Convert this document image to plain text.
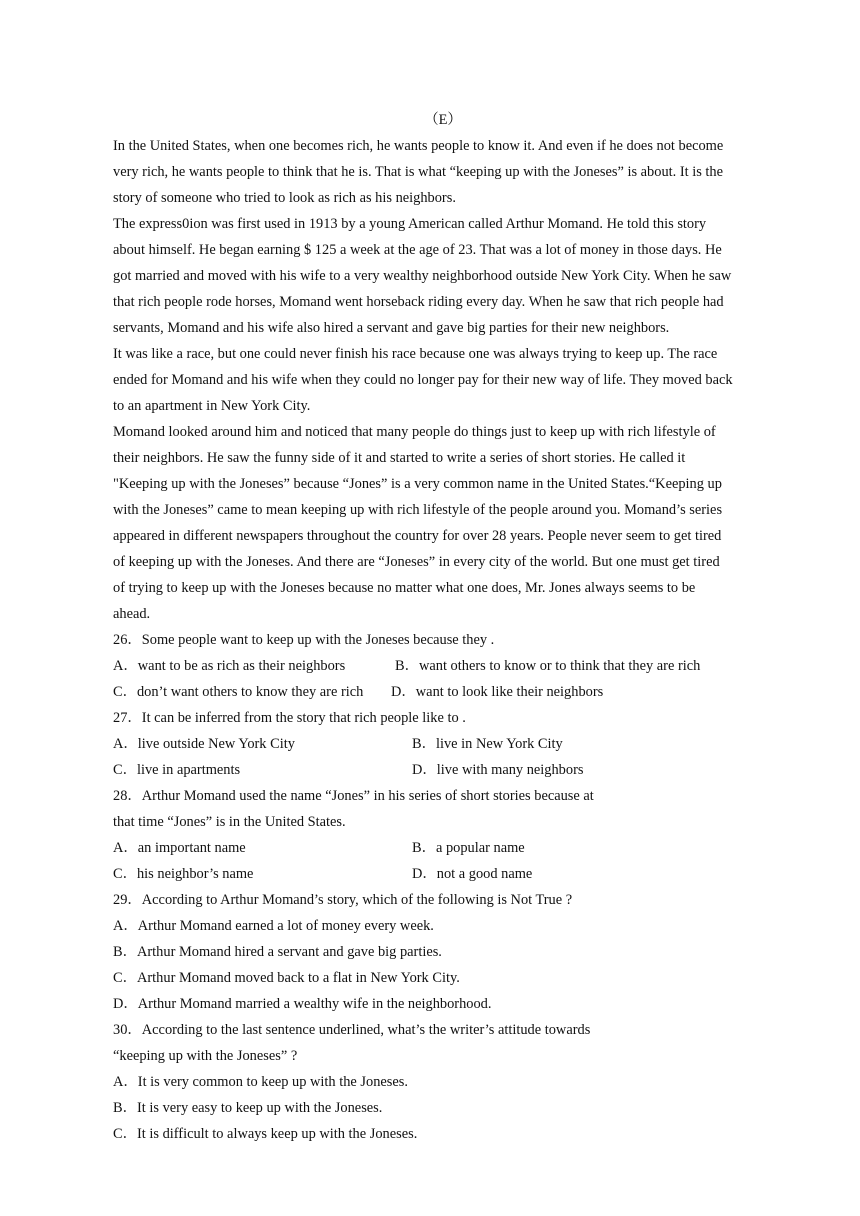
（E）
In the United States, when one becomes rich, he wants people to know it. And even if he does not become
very rich, he wants people to think that he is. That is what “keeping up with the Joneses” is about. It is the
story of someone who tried to look as rich as his neighbors.
The express0ion was first used in 1913 by a young American called Arthur Momand. He told this story
about himself. He began earning $ 125 a week at the age of 23. That was a lot of money in those days. He
got married and moved with his wife to a very wealthy neighborhood outside New York City. When he saw
that rich people rode horses, Momand went horseback riding every day. When he saw that rich people had
servants, Momand and his wife also hired a servant and gave big parties for their new neighbors.
It was like a race, but one could never finish his race because one was always trying to keep up. The race
ended for Momand and his wife when they could no longer pay for their new way of life. They moved back
to an apartment in New York City.
Momand looked around him and noticed that many people do things just to keep up with rich lifestyle of
their neighbors. He saw the funny side of it and started to write a series of short stories. He called it
"Keeping up with the Joneses” because “Jones” is a very common name in the United States.“Keeping up
with the Joneses” came to mean keeping up with rich lifestyle of the people around you. Momand’s series
appeared in different newspapers throughout the country for over 28 years. People never seem to get tired
of keeping up with the Joneses. And there are “Joneses” in every city of the world. But one must get tired
of trying to keep up with the Joneses because no matter what one does, Mr. Jones always seems to be
ahead.
26．Some people want to keep up with the Joneses because they .
A．want to be as rich as their neighbors	B．want others to know or to think that they are rich
C．don’t want others to know they are rich D．want to look like their neighbors
27．It can be inferred from the story that rich people like to .
A．live outside New York City	B．live in New York City
C．live in apartments	D．live with many neighbors
28．Arthur Momand used the name “Jones” in his series of short stories because at
that time “Jones” is in the United States.
A．an important name	B．a popular name
C．his neighbor’s name	D．not a good name
29．According to Arthur Momand’s story, which of the following is Not True ?
A．Arthur Momand earned a lot of money every week.
B．Arthur Momand hired a servant and gave big parties.
C．Arthur Momand moved back to a flat in New York City.
D．Arthur Momand married a wealthy wife in the neighborhood.
30．According to the last sentence underlined, what’s the writer’s attitude towards
“keeping up with the Joneses” ?
A．It is very common to keep up with the Joneses.
B．It is very easy to keep up with the Joneses.
C．It is difficult to always keep up with the Joneses.
